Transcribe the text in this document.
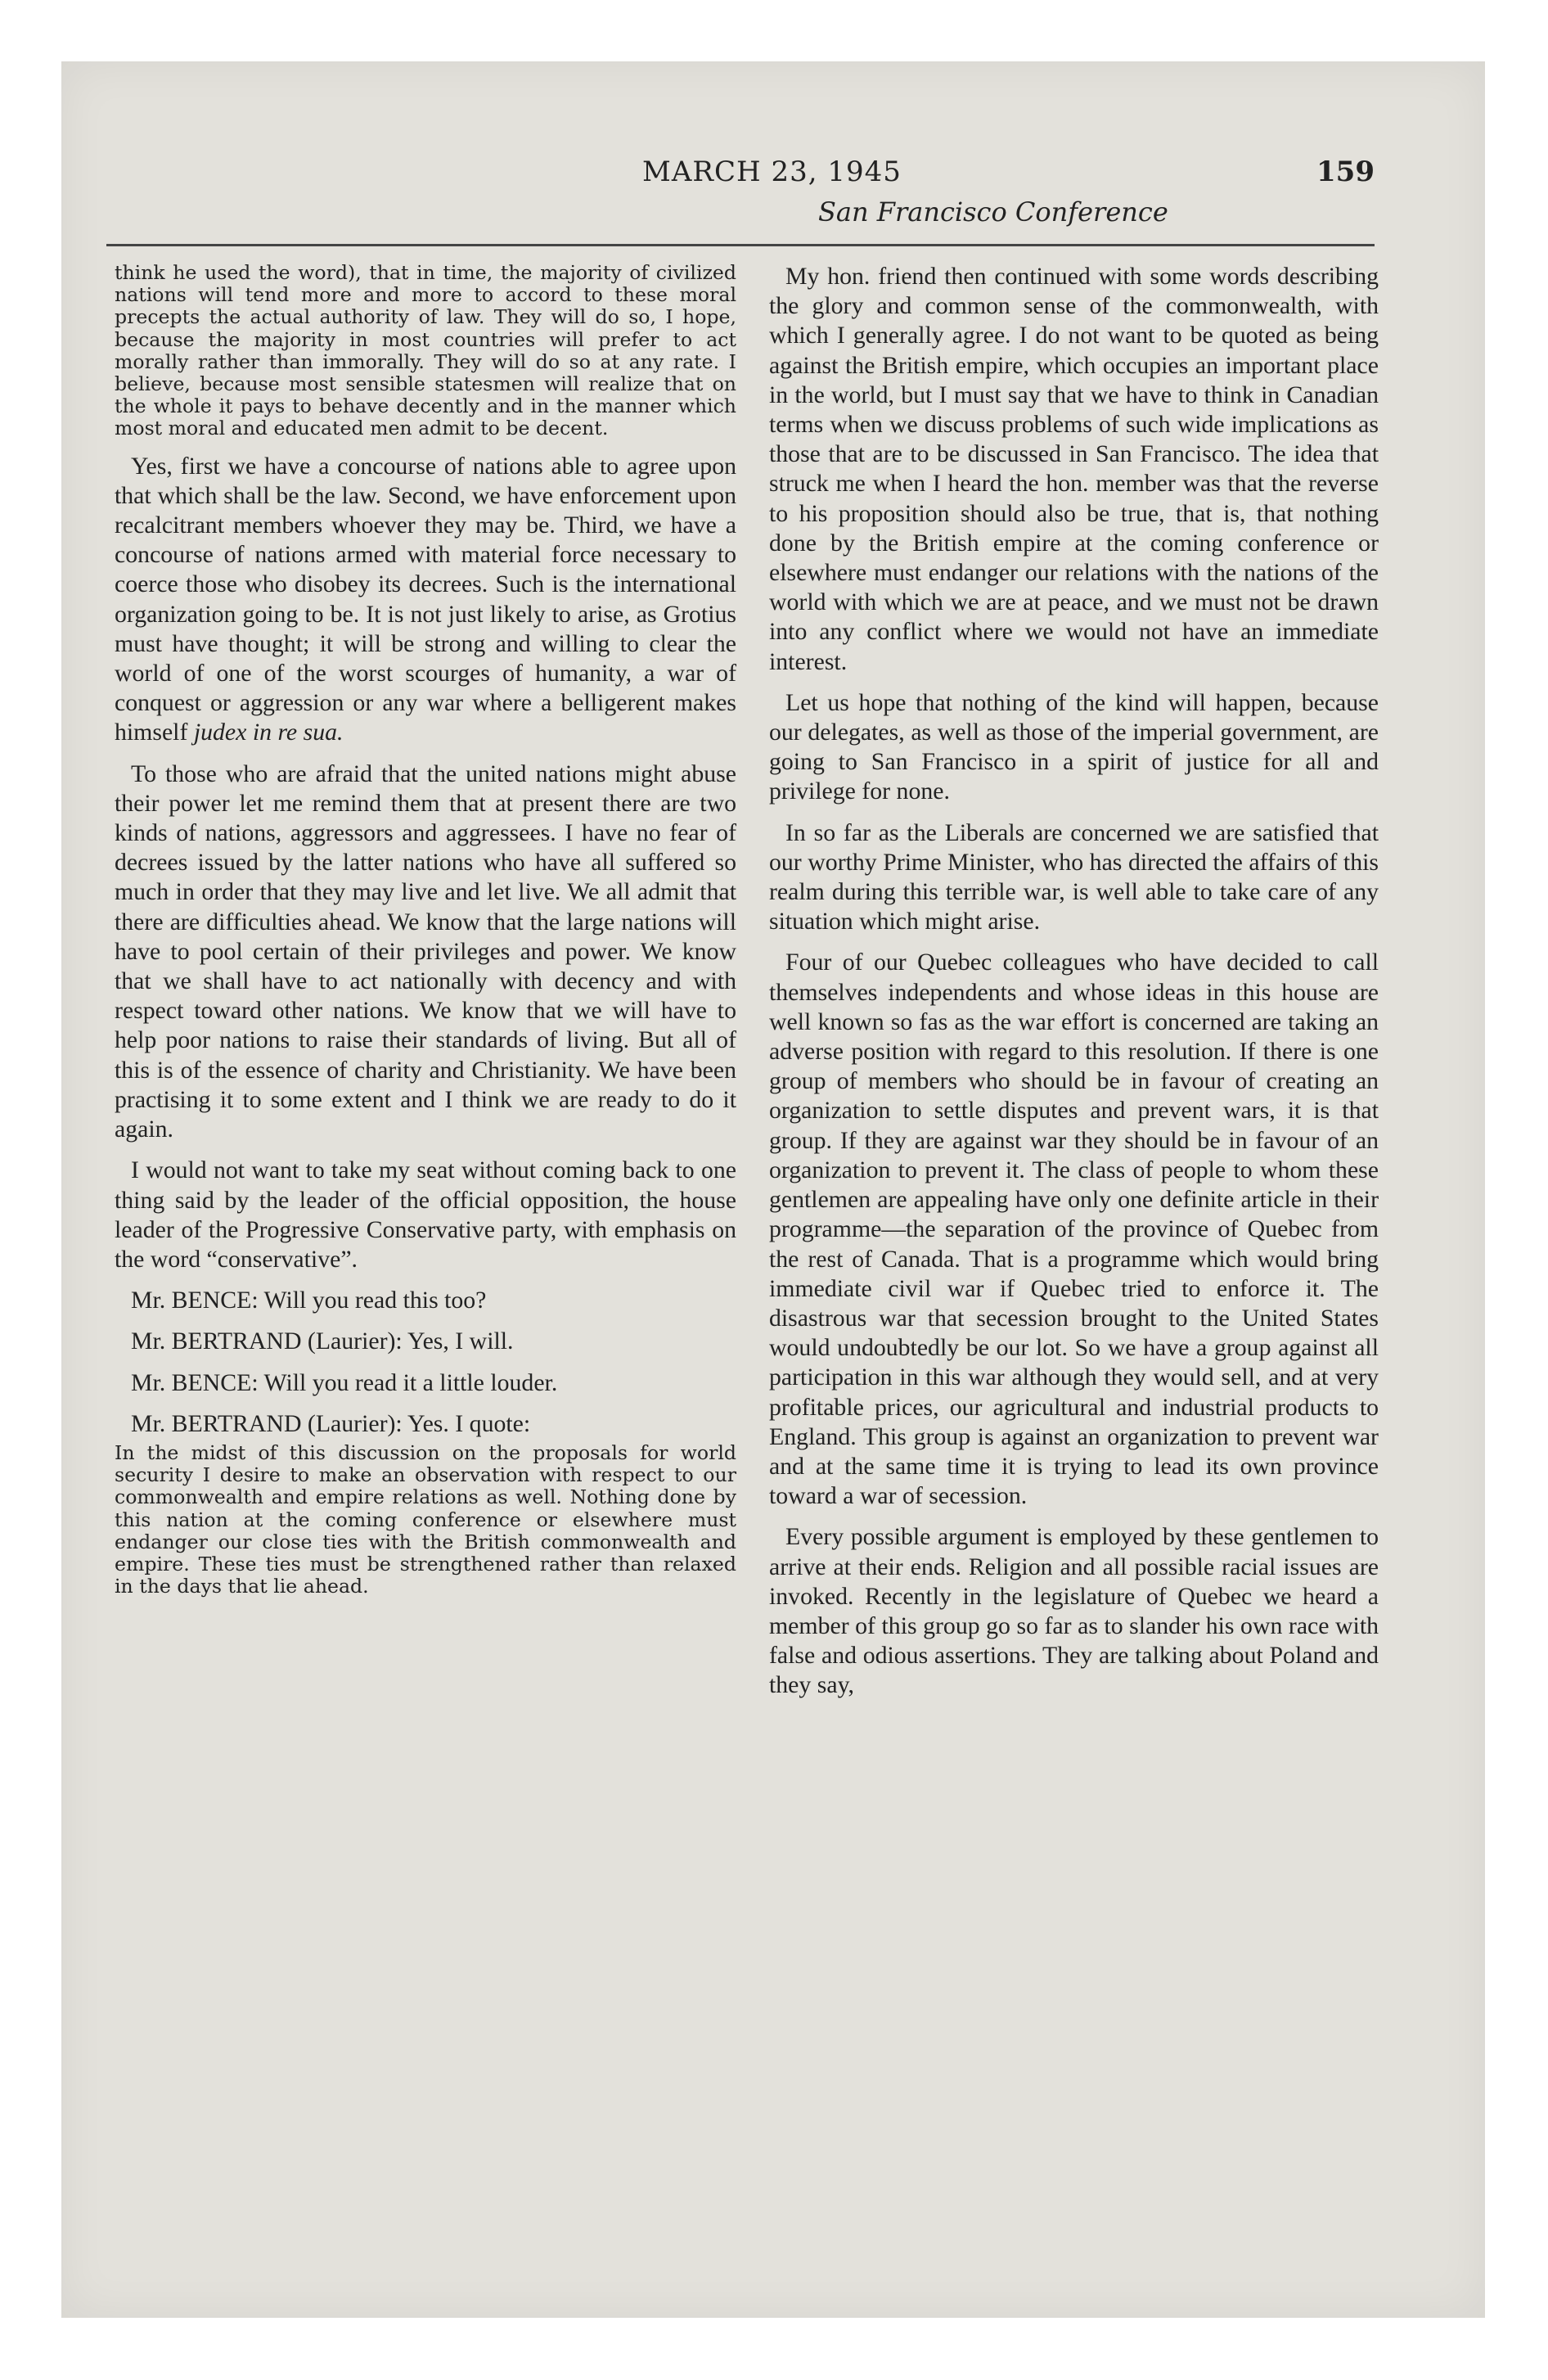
MARCH 23, 1945
San Francisco Conference
159

think he used the word), that in time, the majority of civilized nations will tend more and more to accord to these moral precepts the actual authority of law. They will do so, I hope, because the majority in most countries will prefer to act morally rather than immorally. They will do so at any rate. I believe, because most sensible statesmen will realize that on the whole it pays to behave decently and in the manner which most moral and educated men admit to be decent.

Yes, first we have a concourse of nations able to agree upon that which shall be the law. Second, we have enforcement upon recalcitrant members whoever they may be. Third, we have a concourse of nations armed with material force necessary to coerce those who disobey its decrees. Such is the international organization going to be. It is not just likely to arise, as Grotius must have thought; it will be strong and willing to clear the world of one of the worst scourges of humanity, a war of conquest or aggression or any war where a belligerent makes himself judex in re sua.

To those who are afraid that the united nations might abuse their power let me remind them that at present there are two kinds of nations, aggressors and aggressees. I have no fear of decrees issued by the latter nations who have all suffered so much in order that they may live and let live. We all admit that there are difficulties ahead. We know that the large nations will have to pool certain of their privileges and power. We know that we shall have to act nationally with decency and with respect toward other nations. We know that we will have to help poor nations to raise their standards of living. But all of this is of the essence of charity and Christianity. We have been practising it to some extent and I think we are ready to do it again.

I would not want to take my seat without coming back to one thing said by the leader of the official opposition, the house leader of the Progressive Conservative party, with emphasis on the word “conservative”.

Mr. BENCE: Will you read this too?

Mr. BERTRAND (Laurier): Yes, I will.

Mr. BENCE: Will you read it a little louder.

Mr. BERTRAND (Laurier): Yes. I quote:

In the midst of this discussion on the proposals for world security I desire to make an observation with respect to our commonwealth and empire relations as well. Nothing done by this nation at the coming conference or elsewhere must endanger our close ties with the British commonwealth and empire. These ties must be strengthened rather than relaxed in the days that lie ahead.

My hon. friend then continued with some words describing the glory and common sense of the commonwealth, with which I generally agree. I do not want to be quoted as being against the British empire, which occupies an important place in the world, but I must say that we have to think in Canadian terms when we discuss problems of such wide implications as those that are to be discussed in San Francisco. The idea that struck me when I heard the hon. member was that the reverse to his proposition should also be true, that is, that nothing done by the British empire at the coming conference or elsewhere must endanger our relations with the nations of the world with which we are at peace, and we must not be drawn into any conflict where we would not have an immediate interest.

Let us hope that nothing of the kind will happen, because our delegates, as well as those of the imperial government, are going to San Francisco in a spirit of justice for all and privilege for none.

In so far as the Liberals are concerned we are satisfied that our worthy Prime Minister, who has directed the affairs of this realm during this terrible war, is well able to take care of any situation which might arise.

Four of our Quebec colleagues who have decided to call themselves independents and whose ideas in this house are well known so fas as the war effort is concerned are taking an adverse position with regard to this resolution. If there is one group of members who should be in favour of creating an organization to settle disputes and prevent wars, it is that group. If they are against war they should be in favour of an organization to prevent it. The class of people to whom these gentlemen are appealing have only one definite article in their programme—the separation of the province of Quebec from the rest of Canada. That is a programme which would bring immediate civil war if Quebec tried to enforce it. The disastrous war that secession brought to the United States would undoubtedly be our lot. So we have a group against all participation in this war although they would sell, and at very profitable prices, our agricultural and industrial products to England. This group is against an organization to prevent war and at the same time it is trying to lead its own province toward a war of secession.

Every possible argument is employed by these gentlemen to arrive at their ends. Religion and all possible racial issues are invoked. Recently in the legislature of Quebec we heard a member of this group go so far as to slander his own race with false and odious assertions. They are talking about Poland and they say,
